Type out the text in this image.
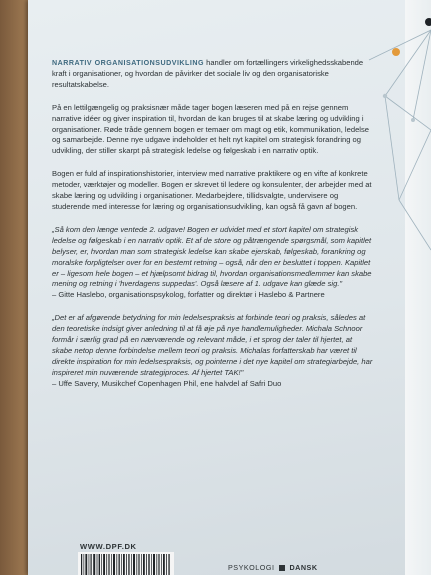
NARRATIV ORGANISATIONSUDVIKLING handler om fortællingers virkelighedsskabende kraft i organisationer, og hvordan de påvirker det sociale liv og den organisatoriske resultatskabelse.

På en lettilgængelig og praksisnær måde tager bogen læseren med på en rejse gennem narrative idéer og giver inspiration til, hvordan de kan bruges til at skabe læring og udvikling i organisationer. Røde tråde gennem bogen er temaer om magt og etik, kommunikation, ledelse og samarbejde. Denne nye udgave indeholder et helt nyt kapitel om strategisk forandring og udvikling, der stiller skarpt på strategisk ledelse og følgeskab i en narrativ optik.

Bogen er fuld af inspirationshistorier, interview med narrative praktikere og en vifte af konkrete metoder, værktøjer og modeller. Bogen er skrevet til ledere og konsulenter, der arbejder med at skabe læring og udvikling i organisationer. Medarbejdere, tillidsvalgte, undervisere og studerende med interesse for læring og organisationsudvikling, kan også få gavn af bogen.

„Så kom den længe ventede 2. udgave! Bogen er udvidet med et stort kapitel om strategisk ledelse og følgeskab i en narrativ optik. Et af de store og påtrængende spørgsmål, som kapitlet belyser, er, hvordan man som strategisk ledelse kan skabe ejerskab, følgeskab, forankring og moralske forpligtelser over for en bestemt retning – også, når den er besluttet i toppen. Kapitlet er – ligesom hele bogen – et hjælpsomt bidrag til, hvordan organisationsmedlemmer kan skabe mening og retning i 'hverdagens suppedas'. Også læsere af 1. udgave kan glæde sig."

– Gitte Haslebo, organisationspsykolog, forfatter og direktør i Haslebo & Partnere

„Det er af afgørende betydning for min ledelsespraksis at forbinde teori og praksis, således at den teoretiske indsigt giver anledning til at få øje på nye handlemuligheder. Michala Schnoor formår i særlig grad på en nærværende og relevant måde, i et sprog der taler til hjertet, at skabe netop denne forbindelse mellem teori og praksis. Michalas forfatterskab har været til direkte inspiration for min ledelsespraksis, og pointerne i det nye kapitel om strategiarbejde, har inspireret min nuværende strategiproces. Af hjertet TAK!"

– Uffe Savery, Musikchef Copenhagen Phil, ene halvdel af Safri Duo

WWW.DPF.DK
PSYKOLOGI DANSK
